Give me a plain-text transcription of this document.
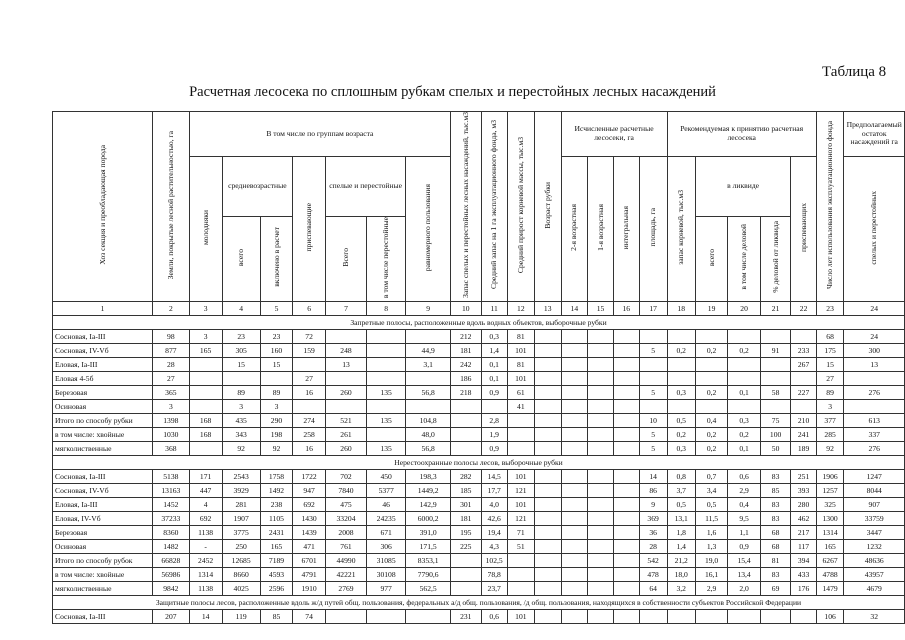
Таблица 8
Расчетная лесосека по сплошным рубкам спелых и перестойных лесных насаждений
Хоз секция и преобладающая порода	Земли, покрытые лесной растительностью, га	В том числе по группам возраста							Запас спелых и перестойных лесных насаждений, тыс.м3	Средний запас на 1 га эксплуатационного фонда, м3	Средний прирост корневой массы, тыс.м3	Возраст рубки	Исчисленные расчетные лесосеки, га				Рекомендуемая к принятию расчетная лесосека					Число лет использования эксплуатационного фонда	Предполагаемый остаток насаждений га
		молодняки	средневозрастные		приспевающие	спелые и перестойные		равномерного пользования					2-я возрастная	1-я возрастная	интегральная	площадь, га	запас корневой, тыс.м3	в ликвиде			приспевающих		спелых и перестойных
			всего	включено в расчет		Всего	в том числе перестойные											всего	в том числе деловой	% деловой от ликвида			
1	2	3	4	5	6	7	8	9	10	11	12	13	14	15	16	17	18	19	20	21	22	23	24
Запретные полосы, расположенные вдоль водных объектов, выборочные рубки																							
Сосновая, Iа-III	98	3	23	23	72				212	0,3	81											68	24
Сосновая, IV-Vб	877	165	305	160	159	248		44,9	181	1,4	101					5	0,2	0,2	0,2	91	233	175	300
Еловая, Iа-III	28		15	15		13		3,1	242	0,1	81										267	15	13
Еловая 4-5б	27				27				186	0,1	101											27	
Березовая	365		89	89	16	260	135	56,8	218	0,9	61					5	0,3	0,2	0,1	58	227	89	276
Осиновая	3		3	3							41											3	
Итого по способу рубки	1398	168	435	290	274	521	135	104,8		2,8						10	0,5	0,4	0,3	75	210	377	613
в том числе: хвойные	1030	168	343	198	258	261		48,0		1,9						5	0,2	0,2	0,2	100	241	285	337
мягколиственные	368		92	92	16	260	135	56,8		0,9						5	0,3	0,2	0,1	50	189	92	276
Нерестоохранные полосы лесов, выборочные рубки																							
Сосновая, Iа-III	5138	171	2543	1758	1722	702	450	198,3	282	14,5	101					14	0,8	0,7	0,6	83	251	1906	1247
Сосновая, IV-Vб	13163	447	3929	1492	947	7840	5377	1449,2	185	17,7	121					86	3,7	3,4	2,9	85	393	1257	8044
Еловая, Iа-III	1452	4	281	238	692	475	46	142,9	301	4,0	101					9	0,5	0,5	0,4	83	280	325	907
Еловая, IV-Vб	37233	692	1907	1105	1430	33204	24235	6000,2	181	42,6	121					369	13,1	11,5	9,5	83	462	1300	33759
Березовая	8360	1138	3775	2431	1439	2008	671	391,0	195	19,4	71					36	1,8	1,6	1,1	68	217	1314	3447
Осиновая	1482	-	250	165	471	761	306	171,5	225	4,3	51					28	1,4	1,3	0,9	68	117	165	1232
Итого по способу рубок	66828	2452	12685	7189	6701	44990	31085	8353,1		102,5						542	21,2	19,0	15,4	81	394	6267	48636
в том числе: хвойные	56986	1314	8660	4593	4791	42221	30108	7790,6		78,8						478	18,0	16,1	13,4	83	433	4788	43957
мягколиственные	9842	1138	4025	2596	1910	2769	977	562,5		23,7						64	3,2	2,9	2,0	69	176	1479	4679
Защитные полосы лесов, расположенные вдоль ж/д путей общ. пользования, федеральных а/д общ. пользования, /д общ. пользования, находящихся в собственности субъектов Российской Федерации																							
Сосновая, Iа-III	207	14	119	85	74				231	0,6	101											106	32
